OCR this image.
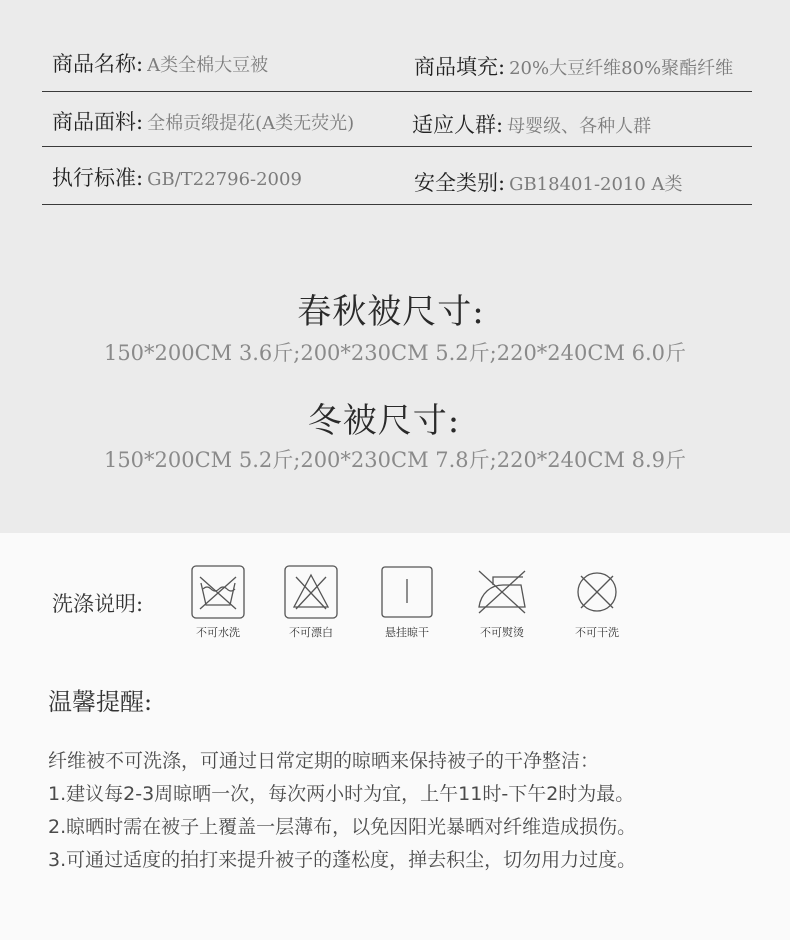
商品名称: A类全棉大豆被	商品填充: 20%大豆纤维80%聚酯纤维
商品面料: 全棉贡缎提花(A类无荧光)	适应人群: 母婴级、各种人群
执行标准: GB/T22796-2009	安全类别: GB18401-2010 A类
春秋被尺寸:
150*200CM 3.6斤;200*230CM 5.2斤;220*240CM 6.0斤
冬被尺寸:
150*200CM 5.2斤;200*230CM 7.8斤;220*240CM 8.9斤
洗涤说明:
不可水洗	不可漂白	悬挂晾干	不可熨烫	不可干洗
温馨提醒:
纤维被不可洗涤，可通过日常定期的晾晒来保持被子的干净整洁：
1.建议每2-3周晾晒一次，每次两小时为宜，上午11时-下午2时为最。
2.晾晒时需在被子上覆盖一层薄布，以免因阳光暴晒对纤维造成损伤。
3.可通过适度的拍打来提升被子的蓬松度，掸去积尘，切勿用力过度。
